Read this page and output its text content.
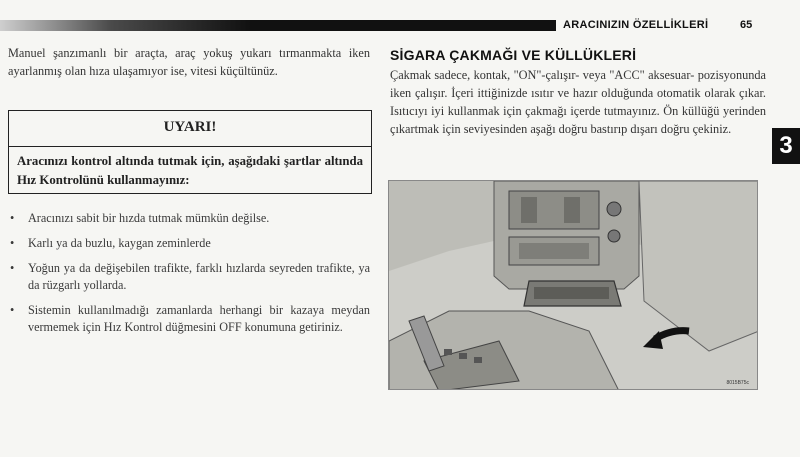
ARACINIZIN ÖZELLİKLERİ	65
3

Manuel şanzımanlı bir araçta, araç yokuş yukarı tırmanmakta iken ayarlanmış olan hıza ulaşamıyor ise, vitesi küçültünüz.

UYARI!
Aracınızı kontrol altında tutmak için, aşağıdaki şartlar altında Hız Kontrolünü kullanmayınız:
• Aracınızı sabit bir hızda tutmak mümkün değilse.
• Karlı ya da buzlu, kaygan zeminlerde
• Yoğun ya da değişebilen trafikte, farklı hızlarda seyreden trafikte, ya da rüzgarlı yollarda.
• Sistemin kullanılmadığı zamanlarda herhangi bir kazaya meydan vermemek için Hız Kontrol düğmesini OFF konumuna getiriniz.
SİGARA ÇAKMAĞI VE KÜLLÜKLERİ

Çakmak sadece, kontak, "ON"-çalışır- veya "ACC" aksesuar- pozisyonunda iken çalışır. İçeri ittiğinizde ısıtır ve hazır olduğunda otomatik olarak çıkar. Isıtıcıyı iyi kullanmak için çakmağı içerde tutmayınız. Ön küllüğü yerinden çıkartmak için seviyesinden aşağı doğru bastırıp dışarı doğru çekiniz.

8015B75c
